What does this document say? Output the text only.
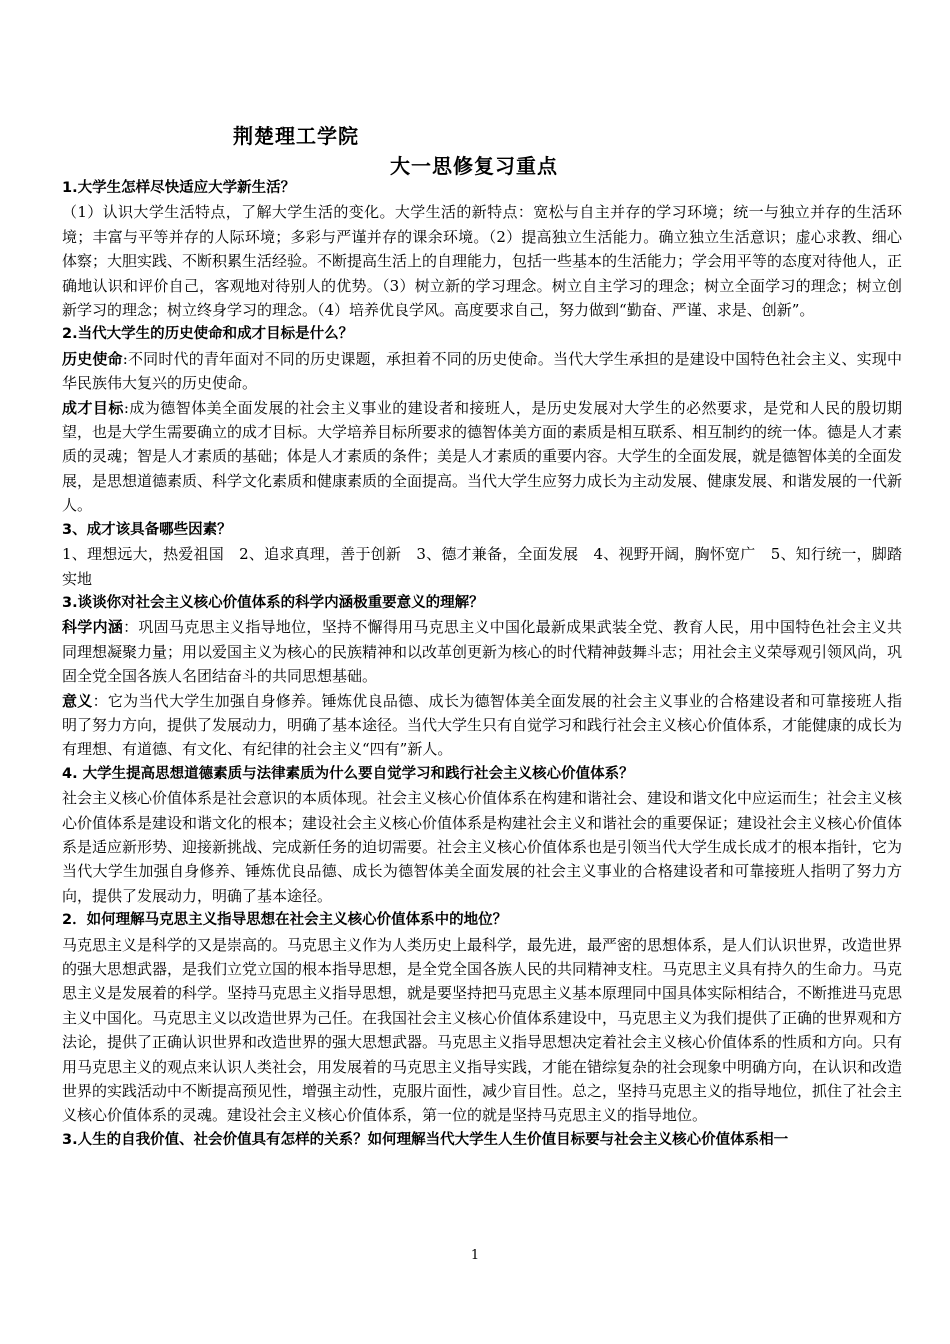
荆楚理工学院
大一思修复习重点

1.大学生怎样尽快适应大学新生活？

（1）认识大学生活特点，了解大学生活的变化。大学生活的新特点：宽松与自主并存的学习环境；统一与独立并存的生活环境；丰富与平等并存的人际环境；多彩与严谨并存的课余环境。（2）提高独立生活能力。确立独立生活意识；虚心求教、细心体察；大胆实践、不断积累生活经验。不断提高生活上的自理能力，包括一些基本的生活能力；学会用平等的态度对待他人，正确地认识和评价自己，客观地对待别人的优势。（3）树立新的学习理念。树立自主学习的理念；树立全面学习的理念；树立创新学习的理念；树立终身学习的理念。（4）培养优良学风。高度要求自己，努力做到“勤奋、严谨、求是、创新”。

2.当代大学生的历史使命和成才目标是什么？

历史使命:不同时代的青年面对不同的历史课题，承担着不同的历史使命。当代大学生承担的是建设中国特色社会主义、实现中华民族伟大复兴的历史使命。

成才目标:成为德智体美全面发展的社会主义事业的建设者和接班人，是历史发展对大学生的必然要求，是党和人民的殷切期望，也是大学生需要确立的成才目标。大学培养目标所要求的德智体美方面的素质是相互联系、相互制约的统一体。德是人才素质的灵魂；智是人才素质的基础；体是人才素质的条件；美是人才素质的重要内容。大学生的全面发展，就是德智体美的全面发展，是思想道德素质、科学文化素质和健康素质的全面提高。当代大学生应努力成长为主动发展、健康发展、和谐发展的一代新人。

3、成才该具备哪些因素？

1、理想远大，热爱祖国　2、追求真理，善于创新　3、德才兼备，全面发展　4、视野开阔，胸怀宽广　5、知行统一，脚踏实地

3.谈谈你对社会主义核心价值体系的科学内涵极重要意义的理解？

科学内涵：巩固马克思主义指导地位，坚持不懈得用马克思主义中国化最新成果武装全党、教育人民，用中国特色社会主义共同理想凝聚力量；用以爱国主义为核心的民族精神和以改革创更新为核心的时代精神鼓舞斗志；用社会主义荣辱观引领风尚，巩固全党全国各族人名团结奋斗的共同思想基础。

意义：它为当代大学生加强自身修养。锤炼优良品德、成长为德智体美全面发展的社会主义事业的合格建设者和可靠接班人指明了努力方向，提供了发展动力，明确了基本途径。当代大学生只有自觉学习和践行社会主义核心价值体系，才能健康的成长为有理想、有道德、有文化、有纪律的社会主义“四有”新人。

4. 大学生提高思想道德素质与法律素质为什么要自觉学习和践行社会主义核心价值体系？

社会主义核心价值体系是社会意识的本质体现。社会主义核心价值体系在构建和谐社会、建设和谐文化中应运而生；社会主义核心价值体系是建设和谐文化的根本；建设社会主义核心价值体系是构建社会主义和谐社会的重要保证；建设社会主义核心价值体系是适应新形势、迎接新挑战、完成新任务的迫切需要。社会主义核心价值体系也是引领当代大学生成长成才的根本指针，它为当代大学生加强自身修养、锤炼优良品德、成长为德智体美全面发展的社会主义事业的合格建设者和可靠接班人指明了努力方向，提供了发展动力，明确了基本途径。

2．如何理解马克思主义指导思想在社会主义核心价值体系中的地位？

马克思主义是科学的又是崇高的。马克思主义作为人类历史上最科学，最先进，最严密的思想体系，是人们认识世界，改造世界的强大思想武器，是我们立党立国的根本指导思想，是全党全国各族人民的共同精神支柱。马克思主义具有持久的生命力。马克思主义是发展着的科学。坚持马克思主义指导思想，就是要坚持把马克思主义基本原理同中国具体实际相结合，不断推进马克思主义中国化。马克思主义以改造世界为己任。在我国社会主义核心价值体系建设中，马克思主义为我们提供了正确的世界观和方法论，提供了正确认识世界和改造世界的强大思想武器。马克思主义指导思想决定着社会主义核心价值体系的性质和方向。只有用马克思主义的观点来认识人类社会，用发展着的马克思主义指导实践，才能在错综复杂的社会现象中明确方向，在认识和改造世界的实践活动中不断提高预见性，增强主动性，克服片面性，减少盲目性。总之，坚持马克思主义的指导地位，抓住了社会主义核心价值体系的灵魂。建设社会主义核心价值体系，第一位的就是坚持马克思主义的指导地位。

3.人生的自我价值、社会价值具有怎样的关系？如何理解当代大学生人生价值目标要与社会主义核心价值体系相一

1
